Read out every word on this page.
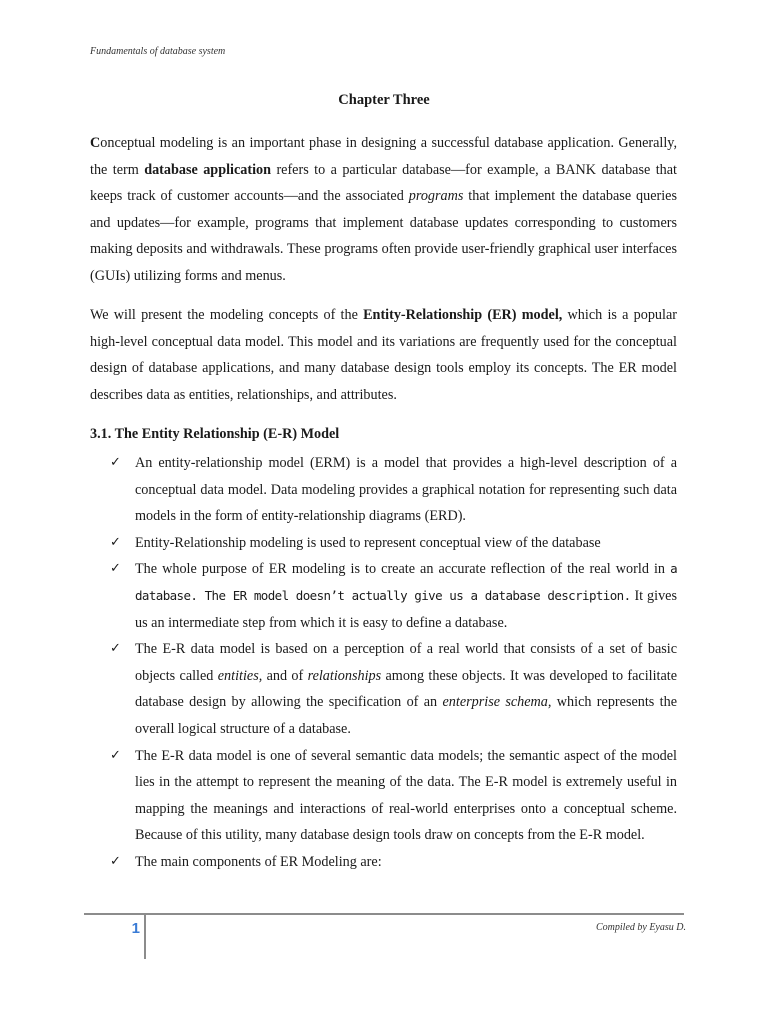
Fundamentals of database system
Chapter Three
Conceptual modeling is an important phase in designing a successful database application. Generally, the term database application refers to a particular database—for example, a BANK database that keeps track of customer accounts—and the associated programs that implement the database queries and updates—for example, programs that implement database updates corresponding to customers making deposits and withdrawals. These programs often provide user-friendly graphical user interfaces (GUIs) utilizing forms and menus.
We will present the modeling concepts of the Entity-Relationship (ER) model, which is a popular high-level conceptual data model. This model and its variations are frequently used for the conceptual design of database applications, and many database design tools employ its concepts. The ER model describes data as entities, relationships, and attributes.
3.1. The Entity Relationship (E-R) Model
✓ An entity-relationship model (ERM) is a model that provides a high-level description of a conceptual data model. Data modeling provides a graphical notation for representing such data models in the form of entity-relationship diagrams (ERD).
✓ Entity-Relationship modeling is used to represent conceptual view of the database
✓ The whole purpose of ER modeling is to create an accurate reflection of the real world in a database. The ER model doesn’t actually give us a database description. It gives us an intermediate step from which it is easy to define a database.
✓ The E-R data model is based on a perception of a real world that consists of a set of basic objects called entities, and of relationships among these objects. It was developed to facilitate database design by allowing the specification of an enterprise schema, which represents the overall logical structure of a database.
✓ The E-R data model is one of several semantic data models; the semantic aspect of the model lies in the attempt to represent the meaning of the data. The E-R model is extremely useful in mapping the meanings and interactions of real-world enterprises onto a conceptual scheme. Because of this utility, many database design tools draw on concepts from the E-R model.
✓ The main components of ER Modeling are:
1	Compiled by Eyasu D.
